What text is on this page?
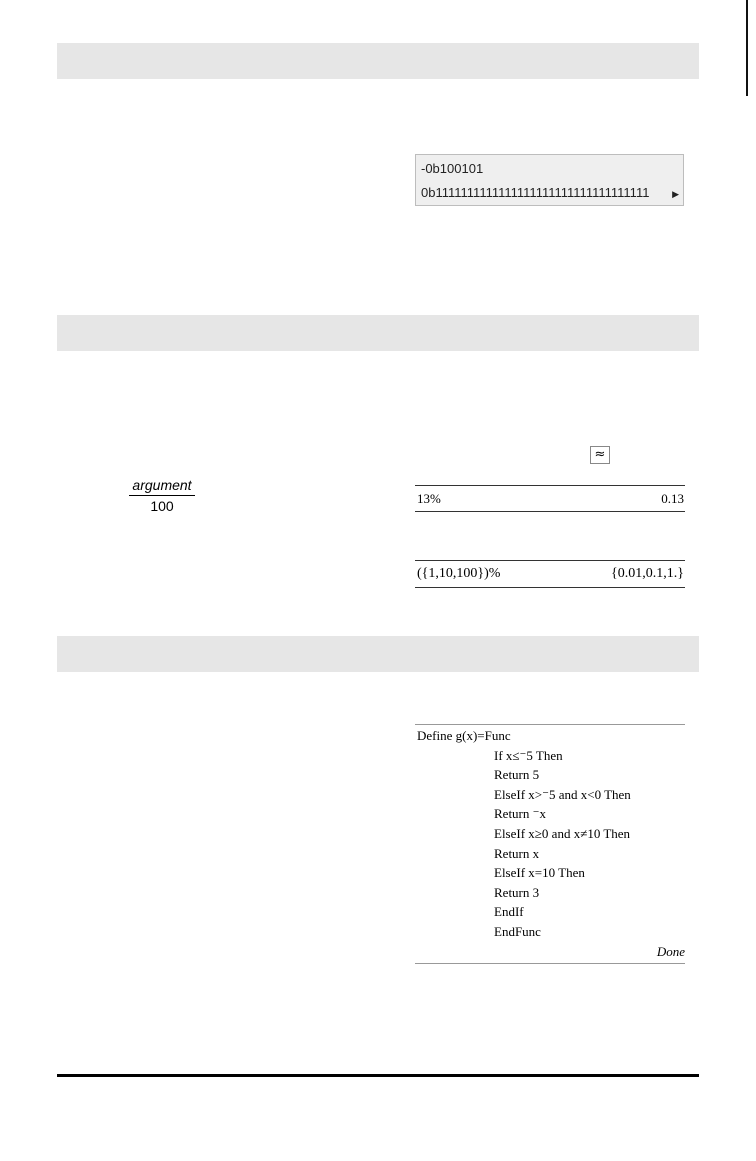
-0b100101
0b1111111111111111111111111111111111	▶
≈
argument
100	13%	0.13
({1,10,100})%	{0.01,0.1,1.}
Define g(x)=Func
If x≤⁻5 Then
Return 5
ElseIf x>⁻5 and x<0 Then
Return ⁻x
ElseIf x≥0 and x≠10 Then
Return x
ElseIf x=10 Then
Return 3
EndIf
EndFunc
Done
